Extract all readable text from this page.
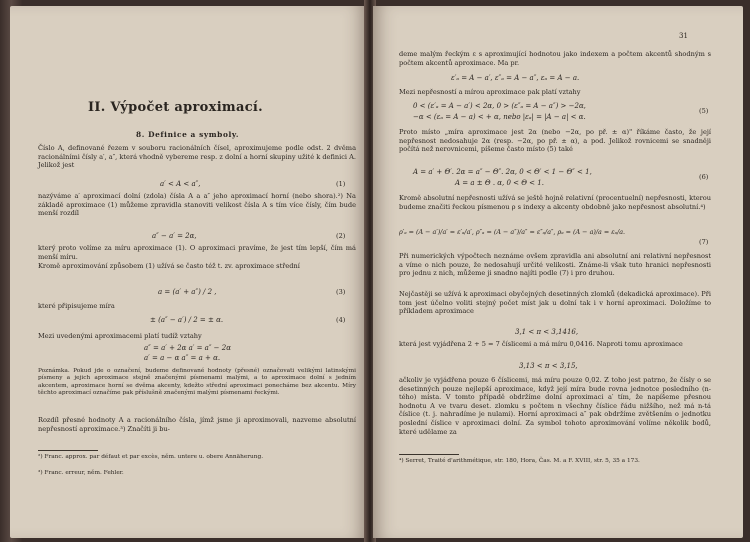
II. Výpočet aproximací.
8. Definice a symboly.
Číslo A, definované řezem v souboru racionálních čísel, aproximujeme podle odst. 2 dvěma racionálními čísly a′, a″, která vhodně vybereme resp. z dolní a horní skupiny užité k definici A. Jelikož jest
a′ < A < a″,	(1)
nazýváme a′ aproximací dolní (zdola) čísla A a a″ jeho aproximací horní (nebo shora).²) Na základě aproximace (1) můžeme zpravidla stanoviti velikost čísla A s tím více čísly, čím bude menší rozdíl
a″ − a′ = 2α,	(2)
který proto volíme za míru aproximace (1). O aproximaci pravíme, že jest tím lepší, čím má menší míru.
Kromě aproximování způsobem (1) užívá se často též t. zv. aproximace střední
a = (a′ + a″) / 2 ,	(3)
které připisujeme míra
± (a″ − a′) / 2 = ± α.	(4)
Mezi uvedenými aproximacemi platí tudíž vztahy
a″ = a′ + 2α a′ = a″ − 2α
a′ = a − α a″ = a + α.
Poznámka. Pokud jde o označení, budeme definované hodnoty (přesné) označovati velikými latinskými písmeny a jejich aproximace stejně značenými písmenami malými, a to aproximace dolní s jedním akcentem, aproximace horní se dvěma akcenty, kdežto střední aproximaci ponecháme bez akcentu. Míry těchto aproximací označíme pak příslušně značenými malými písmenami řeckými.
Rozdíl přesné hodnoty A a racionálního čísla, jímž jsme ji aproximovali, nazveme absolutní nepřesností aproximace.³) Značíti ji bu-
²) Franc. approx. par défaut et par excès, něm. untere u. obere Annäherung.
³) Franc. erreur, něm. Fehler.
31
deme malým řeckým ε s aproximující hodnotou jako indexem a počtem akcentů shodným s počtem akcentů aproximace. Ma pr.
ε′ₐ = A − a′, ε″ₐ = A − a″, εₐ = A − a.
Mezi nepřesností a mírou aproximace pak platí vztahy
0 < (ε′ₐ = A − a′) < 2α, 0 > (ε″ₐ = A − a″) > −2α,
−α < (εₐ = A − a) < + α, nebo |εₐ| = |A − a| < α.
(5)
Proto místo „míra aproximace jest 2α (nebo −2α, po př. ± α)" říkáme často, že její nepřesnost nedosahuje 2α (resp. −2α, po př. ± α), a pod. Jelikož rovnicemi se snadněji počítá než nerovnicemi, píšeme často místo (5) také
A = a′ + Θ′. 2α = a″ − Θ″. 2α, 0 < Θ′ < 1 − Θ″ < 1,
A = a ± Θ . α, 0 < Θ < 1.
(6)
Kromě absolutní nepřesnosti užívá se ještě hojně relativní (procentuelní) nepřesnosti, kterou budeme značiti řeckou písmenou ρ s indexy a akcenty obdobně jako nepřesnost absolutní.⁴)
ρ′ₐ = (A − a′)/a′ = ε′ₐ/a′, ρ″ₐ = (A − a″)/a″ = ε″ₐ/a″, ρₐ = (A − a)/a = εₐ/a.
(7)
Při numerických výpočtech neznáme ovšem zpravidla ani absolutní ani relativní nepřesnost a víme o nich pouze, že nedosahují určité velikosti. Známe-li však tuto hranici nepřesnosti pro jednu z nich, můžeme ji snadno najíti podle (7) i pro druhou.
Nejčastěji se užívá k aproximaci obyčejných desetinných zlomků (dekadická aproximace). Při tom jest účelno voliti stejný počet míst jak u dolní tak i v horní aproximaci. Doložíme to příkladem aproximace
3,1 < π < 3,1416,
která jest vyjádřena 2 + 5 = 7 číslicemi a má míru 0,0416. Naproti tomu aproximace
3,13 < π < 3,15,
ačkoliv je vyjádřena pouze 6 číslicemi, má míru pouze 0,02. Z toho jest patrno, že čísly o se desetinných pouze nejlepší aproximace, když její míra bude rovna jednotce posledního (n-tého) místa. V tomto případě obdržíme dolní aproximaci a′ tím, že napíšeme přesnou hodnotu A ve tvaru deset. zlomku s počtem n všechny číslice řádu nižšího, než má n-tá číslice (t. j. nahradíme je nulami). Horní aproximaci a″ pak obdržíme zvětšením o jednotku poslední číslice v aproximaci dolní. Za symbol tohoto aproximování volíme několik bodů, které udělame za
⁴) Serret, Traité d'arithmétique, str. 180, Hora, Čas. M. a F. XVIII, str. 5, 35 a 173.
